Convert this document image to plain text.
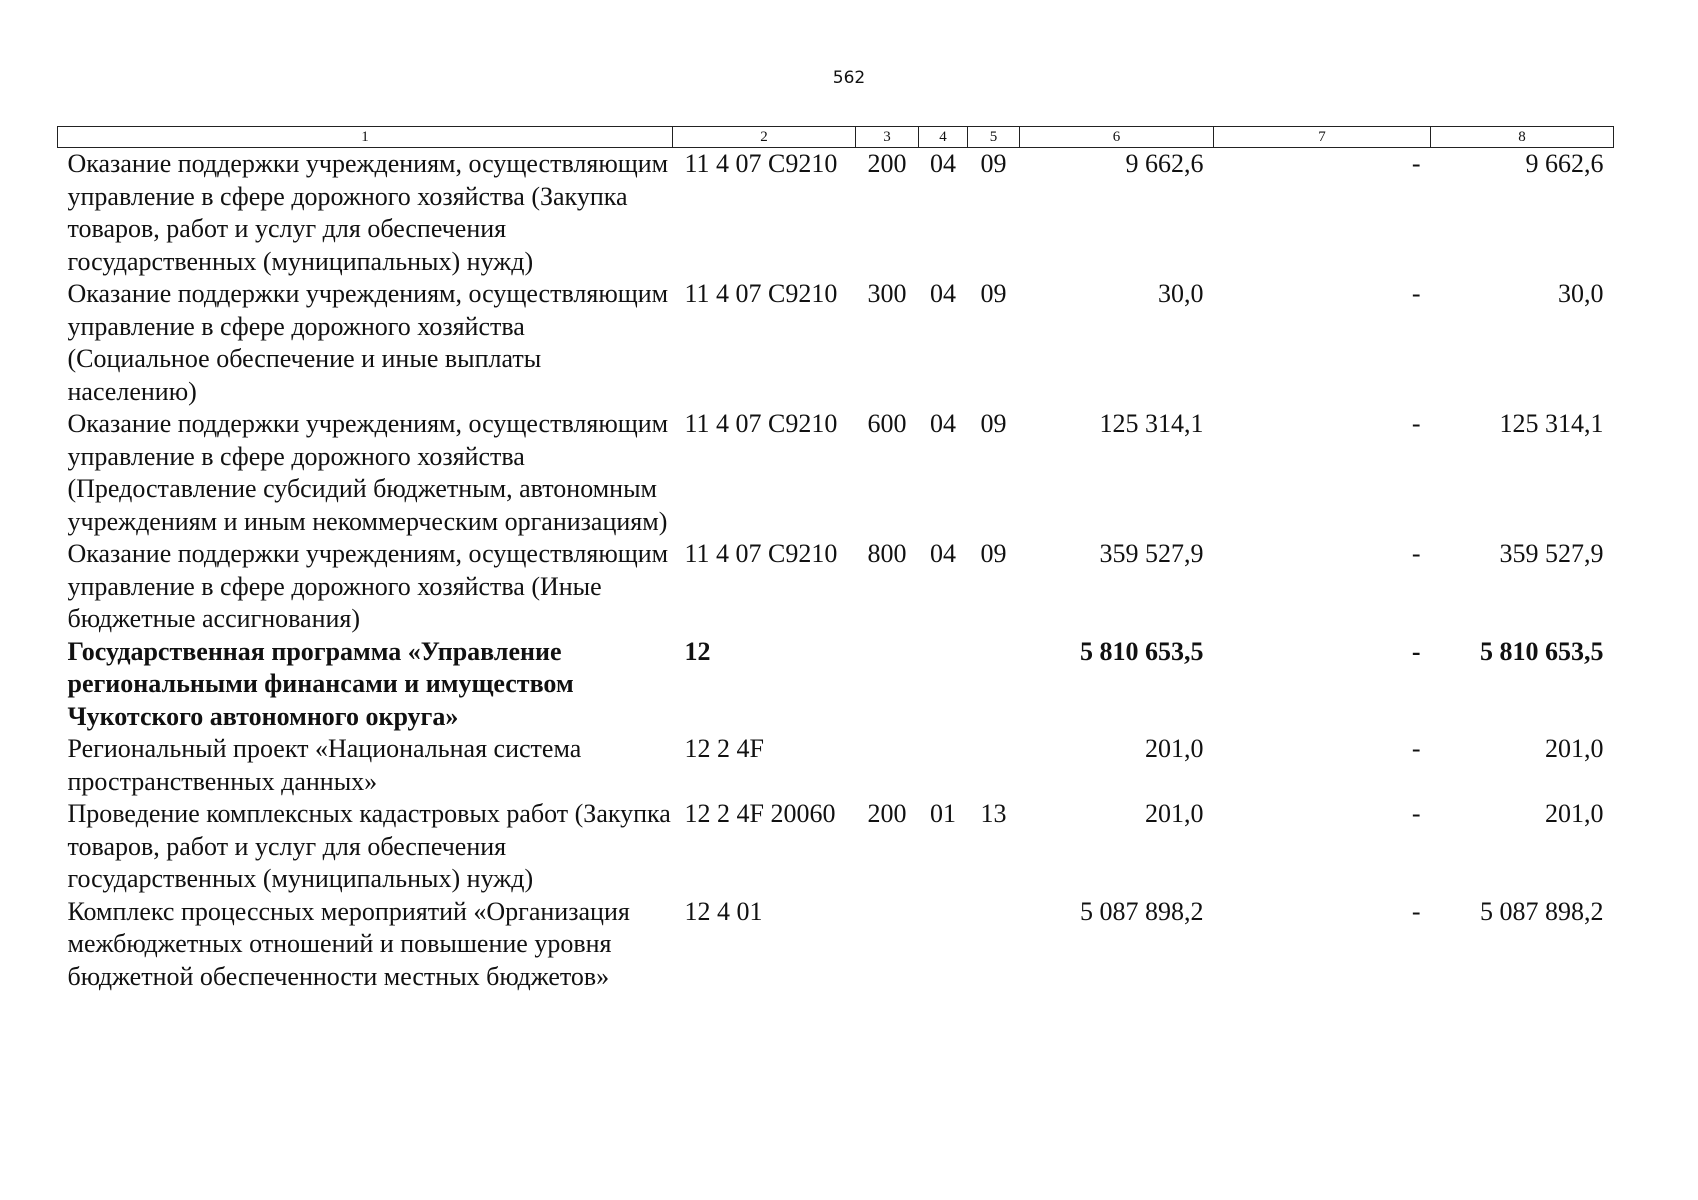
562
1	2	3	4	5	6	7	8
Оказание поддержки учреждениям, осуществляющим управление в сфере дорожного хозяйства (Закупка товаров, работ и услуг для обеспечения государственных (муниципальных) нужд)	11 4 07 С9210	200	04	09	9 662,6	-	9 662,6
Оказание поддержки учреждениям, осуществляющим управление в сфере дорожного хозяйства (Социальное обеспечение и иные выплаты населению)	11 4 07 С9210	300	04	09	30,0	-	30,0
Оказание поддержки учреждениям, осуществляющим управление в сфере дорожного хозяйства (Предоставление субсидий бюджетным, автономным учреждениям и иным некоммерческим организациям)	11 4 07 С9210	600	04	09	125 314,1	-	125 314,1
Оказание поддержки учреждениям, осуществляющим управление в сфере дорожного хозяйства (Иные бюджетные ассигнования)	11 4 07 С9210	800	04	09	359 527,9	-	359 527,9
Государственная программа «Управление региональными финансами и имуществом Чукотского автономного округа»	12				5 810 653,5	-	5 810 653,5
Региональный проект «Национальная система пространственных данных»	12 2 4F				201,0	-	201,0
Проведение комплексных кадастровых работ (Закупка товаров, работ и услуг для обеспечения государственных (муниципальных) нужд)	12 2 4F 20060	200	01	13	201,0	-	201,0
Комплекс процессных мероприятий «Организация межбюджетных отношений и повышение уровня бюджетной обеспеченности местных бюджетов»	12 4 01				5 087 898,2	-	5 087 898,2
